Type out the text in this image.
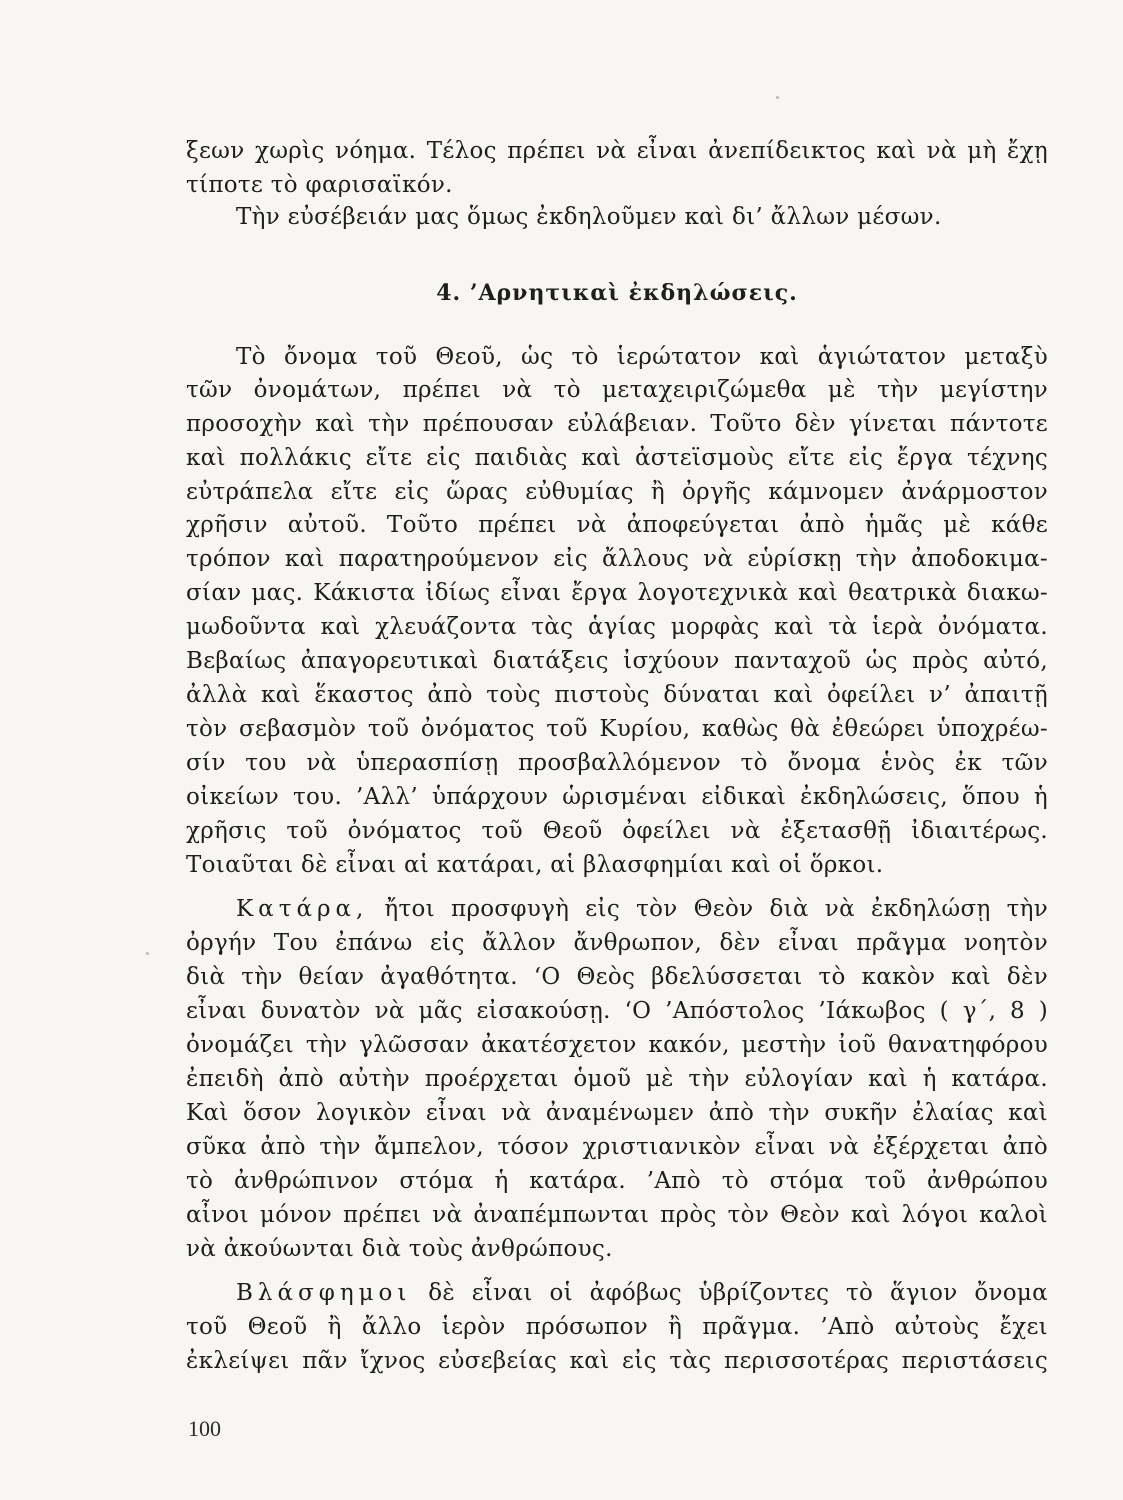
ξεων χωρὶς νόημα. Τέλος πρέπει νὰ εἶναι ἀνεπίδεικτος καὶ νὰ μὴ ἔχῃ
τίποτε τὸ φαρισαϊκόν.
Τὴν εὐσέβειάν μας ὅμως ἐκδηλοῦμεν καὶ δι’ ἄλλων μέσων.
4. ’Αρνητικαὶ ἐκδηλώσεις.
Τὸ ὄνομα τοῦ Θεοῦ, ὡς τὸ ἱερώτατον καὶ ἁγιώτατον μεταξὺ
τῶν ὀνομάτων, πρέπει νὰ τὸ μεταχειριζώμεθα μὲ τὴν μεγίστην
προσοχὴν καὶ τὴν πρέπουσαν εὐλάβειαν. Τοῦτο δὲν γίνεται πάντοτε
καὶ πολλάκις εἴτε εἰς παιδιὰς καὶ ἀστεϊσμοὺς εἴτε εἰς ἔργα τέχνης
εὐτράπελα εἴτε εἰς ὥρας εὐθυμίας ἢ ὀργῆς κάμνομεν ἀνάρμοστον
χρῆσιν αὐτοῦ. Τοῦτο πρέπει νὰ ἀποφεύγεται ἀπὸ ἡμᾶς μὲ κάθε
τρόπον καὶ παρατηρούμενον εἰς ἄλλους νὰ εὑρίσκῃ τὴν ἀποδοκιμα-
σίαν μας. Κάκιστα ἰδίως εἶναι ἔργα λογοτεχνικὰ καὶ θεατρικὰ διακω-
μωδοῦντα καὶ χλευάζοντα τὰς ἁγίας μορφὰς καὶ τὰ ἱερὰ ὀνόματα.
Βεβαίως ἀπαγορευτικαὶ διατάξεις ἰσχύουν πανταχοῦ ὡς πρὸς αὐτό,
ἀλλὰ καὶ ἕκαστος ἀπὸ τοὺς πιστοὺς δύναται καὶ ὀφείλει ν’ ἀπαιτῇ
τὸν σεβασμὸν τοῦ ὀνόματος τοῦ Κυρίου, καθὼς θὰ ἐθεώρει ὑποχρέω-
σίν του νὰ ὑπερασπίσῃ προσβαλλόμενον τὸ ὄνομα ἑνὸς ἐκ τῶν
οἰκείων του. ’Αλλ’ ὑπάρχουν ὡρισμέναι εἰδικαὶ ἐκδηλώσεις, ὅπου ἡ
χρῆσις τοῦ ὀνόματος τοῦ Θεοῦ ὀφείλει νὰ ἐξετασθῇ ἰδιαιτέρως.
Τοιαῦται δὲ εἶναι αἱ κατάραι, αἱ βλασφημίαι καὶ οἱ ὅρκοι.
Κατάρα, ἤτοι προσφυγὴ εἰς τὸν Θεὸν διὰ νὰ ἐκδηλώσῃ τὴν
ὀργήν Του ἐπάνω εἰς ἄλλον ἄνθρωπον, δὲν εἶναι πρᾶγμα νοητὸν
διὰ τὴν θείαν ἀγαθότητα. ‘Ο Θεὸς βδελύσσεται τὸ κακὸν καὶ δὲν
εἶναι δυνατὸν νὰ μᾶς εἰσακούσῃ. ‘Ο ’Απόστολος ’Ιάκωβος ( γ΄, 8 )
ὀνομάζει τὴν γλῶσσαν ἀκατέσχετον κακόν, μεστὴν ἰοῦ θανατηφόρου
ἐπειδὴ ἀπὸ αὐτὴν προέρχεται ὁμοῦ μὲ τὴν εὐλογίαν καὶ ἡ κατάρα.
Καὶ ὅσον λογικὸν εἶναι νὰ ἀναμένωμεν ἀπὸ τὴν συκῆν ἐλαίας καὶ
σῦκα ἀπὸ τὴν ἄμπελον, τόσον χριστιανικὸν εἶναι νὰ ἐξέρχεται ἀπὸ
τὸ ἀνθρώπινον στόμα ἡ κατάρα. ’Απὸ τὸ στόμα τοῦ ἀνθρώπου
αἶνοι μόνον πρέπει νὰ ἀναπέμπωνται πρὸς τὸν Θεὸν καὶ λόγοι καλοὶ
νὰ ἀκούωνται διὰ τοὺς ἀνθρώπους.
Βλάσφημοι δὲ εἶναι οἱ ἀφόβως ὑβρίζοντες τὸ ἅγιον ὄνομα
τοῦ Θεοῦ ἢ ἄλλο ἱερὸν πρόσωπον ἢ πρᾶγμα. ’Απὸ αὐτοὺς ἔχει
ἐκλείψει πᾶν ἴχνος εὐσεβείας καὶ εἰς τὰς περισσοτέρας περιστάσεις
100
